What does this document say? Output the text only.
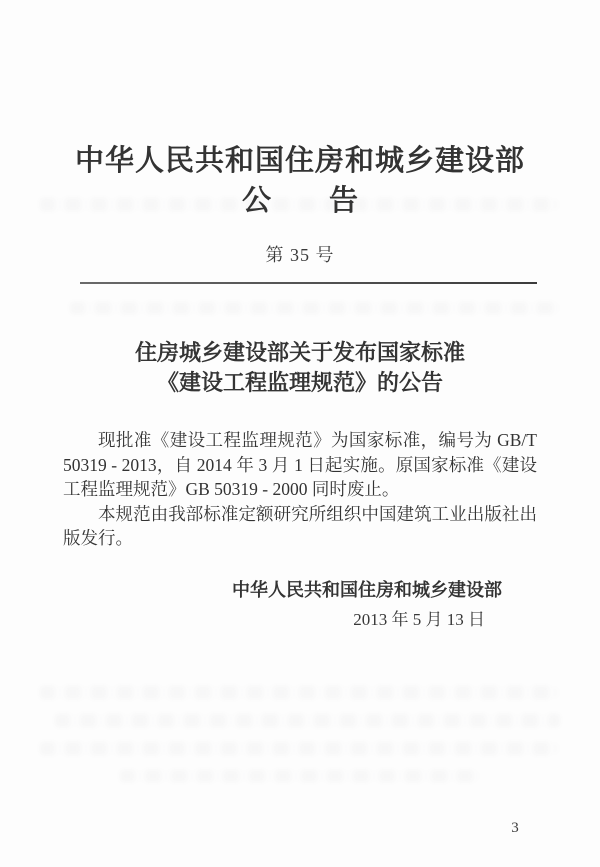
中华人民共和国住房和城乡建设部
公　　告
第 35 号
住房城乡建设部关于发布国家标准
《建设工程监理规范》的公告

现批准《建设工程监理规范》为国家标准，编号为 GB/T 50319 - 2013，自 2014 年 3 月 1 日起实施。原国家标准《建设工程监理规范》GB 50319 - 2000 同时废止。

本规范由我部标准定额研究所组织中国建筑工业出版社出版发行。

中华人民共和国住房和城乡建设部
2013 年 5 月 13 日
3
